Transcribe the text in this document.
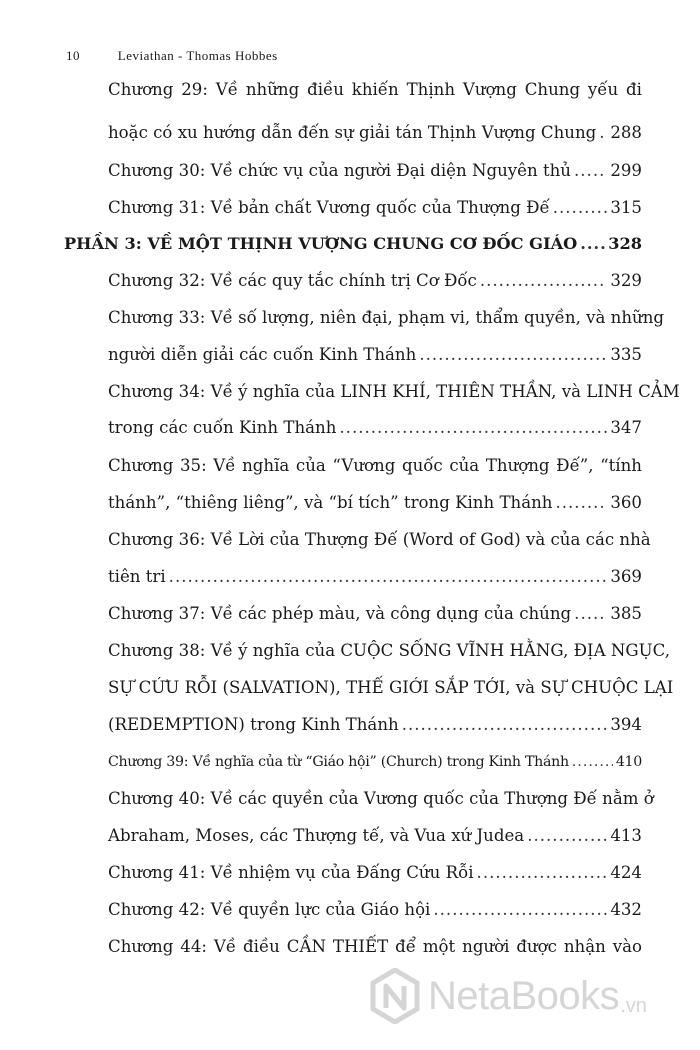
10	Leviathan - Thomas Hobbes
Chương 29: Về những điều khiến Thịnh Vượng Chung yếu đi
hoặc có xu hướng dẫn đến sự giải tán Thịnh Vượng Chung ..... 288
Chương 30: Về chức vụ của người Đại diện Nguyên thủ ..... 299
Chương 31: Về bản chất Vương quốc của Thượng Đế .....	315
PHẦN 3: VỀ MỘT THỊNH VƯỢNG CHUNG CƠ ĐỐC GIÁO ..... 328
Chương 32: Về các quy tắc chính trị Cơ Đốc .....	329
Chương 33: Về số lượng, niên đại, phạm vi, thẩm quyền, và những
người diễn giải các cuốn Kinh Thánh .....	335
Chương 34: Về ý nghĩa của LINH KHÍ, THIÊN THẦN, và LINH CẢM
trong các cuốn Kinh Thánh .....	347
Chương 35: Về nghĩa của “Vương quốc của Thượng Đế”, “tính
thánh”, “thiêng liêng”, và “bí tích” trong Kinh Thánh .....	360
Chương 36: Về Lời của Thượng Đế (Word of God) và của các nhà
tiên tri .....	369
Chương 37: Về các phép màu, và công dụng của chúng ..... 385
Chương 38: Về ý nghĩa của CUỘC SỐNG VĨNH HẰNG, ĐỊA NGỤC,
SỰ CỨU RỖI (SALVATION), THẾ GIỚI SẮP TỚI, và SỰ CHUỘC LẠI
(REDEMPTION) trong Kinh Thánh .....	394
Chương 39: Về nghĩa của từ “Giáo hội” (Church) trong Kinh Thánh .....	410
Chương 40: Về các quyền của Vương quốc của Thượng Đế nằm ở
Abraham, Moses, các Thượng tế, và Vua xứ Judea .....	413
Chương 41: Về nhiệm vụ của Đấng Cứu Rỗi .....	424
Chương 42: Về quyền lực của Giáo hội .....	432
Chương 44: Về điều CẦN THIẾT để một người được nhận vào
NetaBooks .vn
